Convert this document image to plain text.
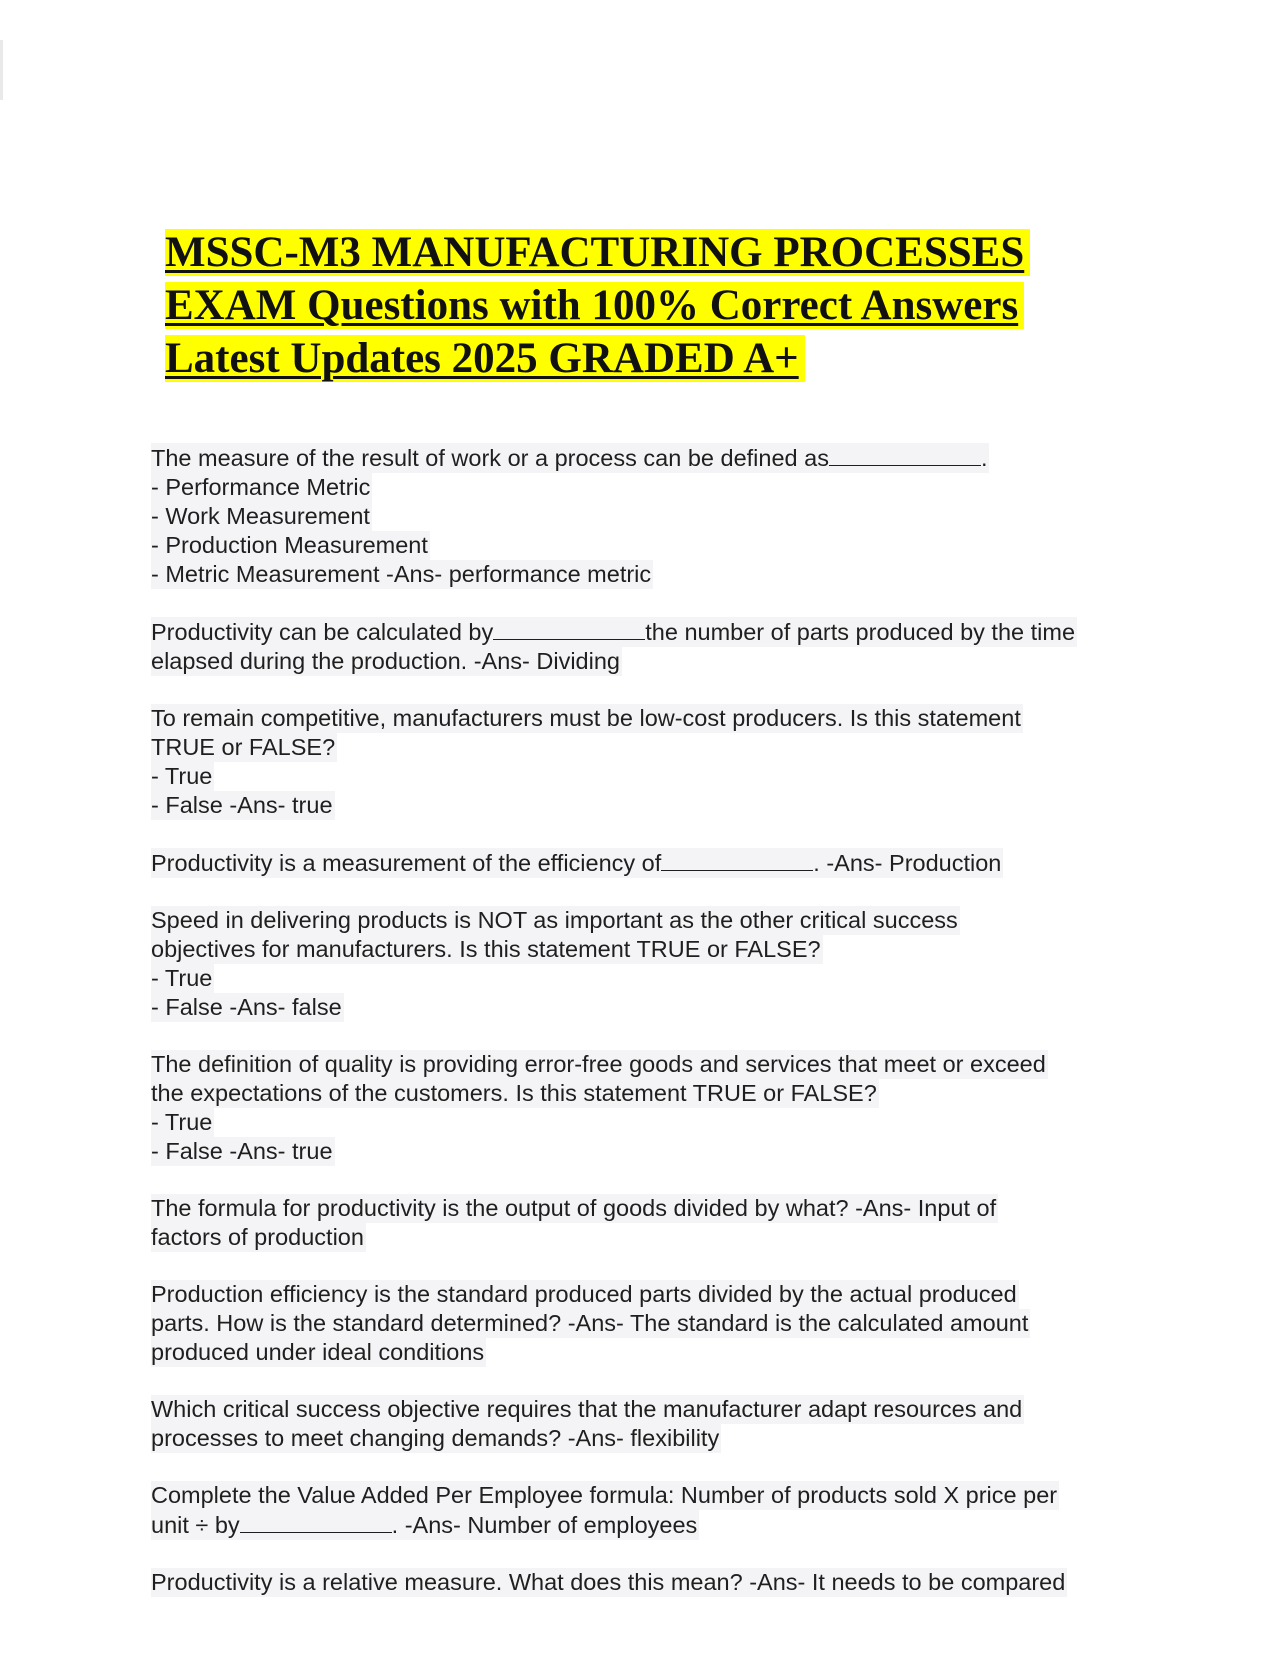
MSSC-M3 MANUFACTURING PROCESSES
EXAM Questions with 100% Correct Answers
Latest Updates 2025 GRADED A+
The measure of the result of work or a process can be defined as	.
- Performance Metric
- Work Measurement
- Production Measurement
- Metric Measurement -Ans- performance metric
Productivity can be calculated by	the number of parts produced by the time
elapsed during the production. -Ans- Dividing
To remain competitive, manufacturers must be low-cost producers. Is this statement
TRUE or FALSE?
- True
- False -Ans- true
Productivity is a measurement of the efficiency of	. -Ans- Production
Speed in delivering products is NOT as important as the other critical success
objectives for manufacturers. Is this statement TRUE or FALSE?
- True
- False -Ans- false
The definition of quality is providing error-free goods and services that meet or exceed
the expectations of the customers. Is this statement TRUE or FALSE?
- True
- False -Ans- true
The formula for productivity is the output of goods divided by what? -Ans- Input of
factors of production
Production efficiency is the standard produced parts divided by the actual produced
parts. How is the standard determined? -Ans- The standard is the calculated amount
produced under ideal conditions
Which critical success objective requires that the manufacturer adapt resources and
processes to meet changing demands? -Ans- flexibility
Complete the Value Added Per Employee formula: Number of products sold X price per
unit ÷ by	. -Ans- Number of employees
Productivity is a relative measure. What does this mean? -Ans- It needs to be compared
